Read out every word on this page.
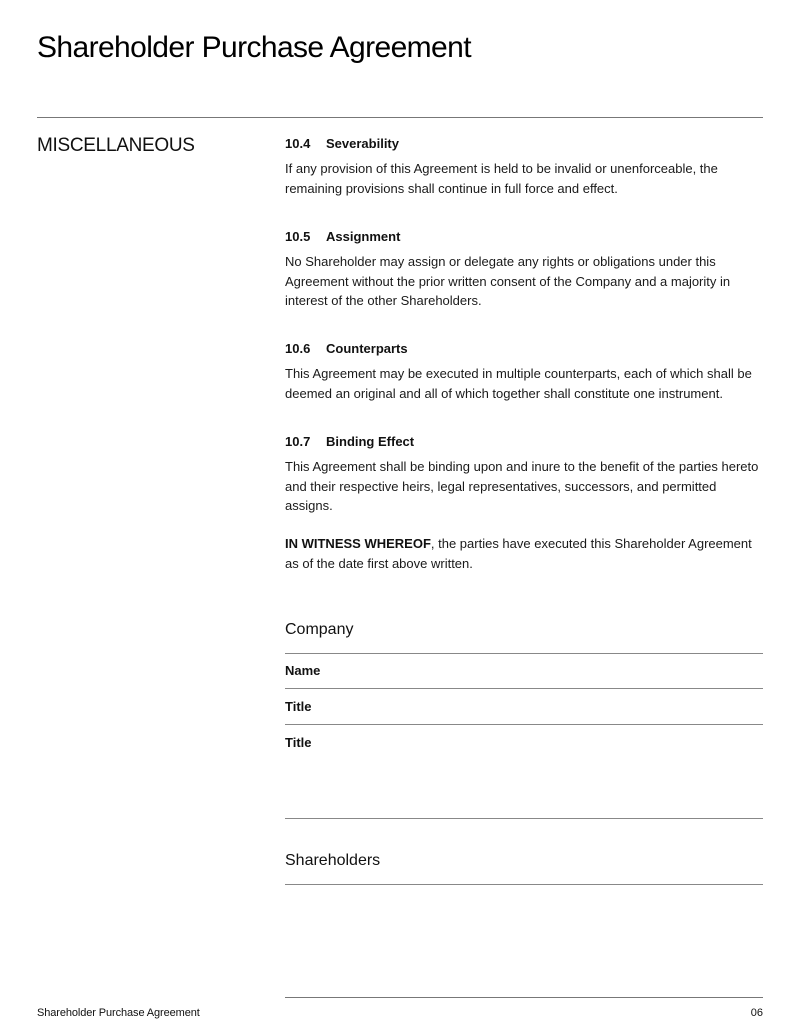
Shareholder Purchase Agreement
MISCELLANEOUS	10.4	Severability
If any provision of this Agreement is held to be invalid or unenforceable, the remaining provisions shall continue in full force and effect.
10.5	Assignment
No Shareholder may assign or delegate any rights or obligations under this Agreement without the prior written consent of the Company and a majority in interest of the other Shareholders.
10.6	Counterparts
This Agreement may be executed in multiple counterparts, each of which shall be deemed an original and all of which together shall constitute one instrument.
10.7	Binding Effect
This Agreement shall be binding upon and inure to the benefit of the parties hereto and their respective heirs, legal representatives, successors, and permitted assigns.
IN WITNESS WHEREOF, the parties have executed this Shareholder Agreement as of the date first above written.
Company
Name
Title
Title
Shareholders
Shareholder Purchase Agreement	06
